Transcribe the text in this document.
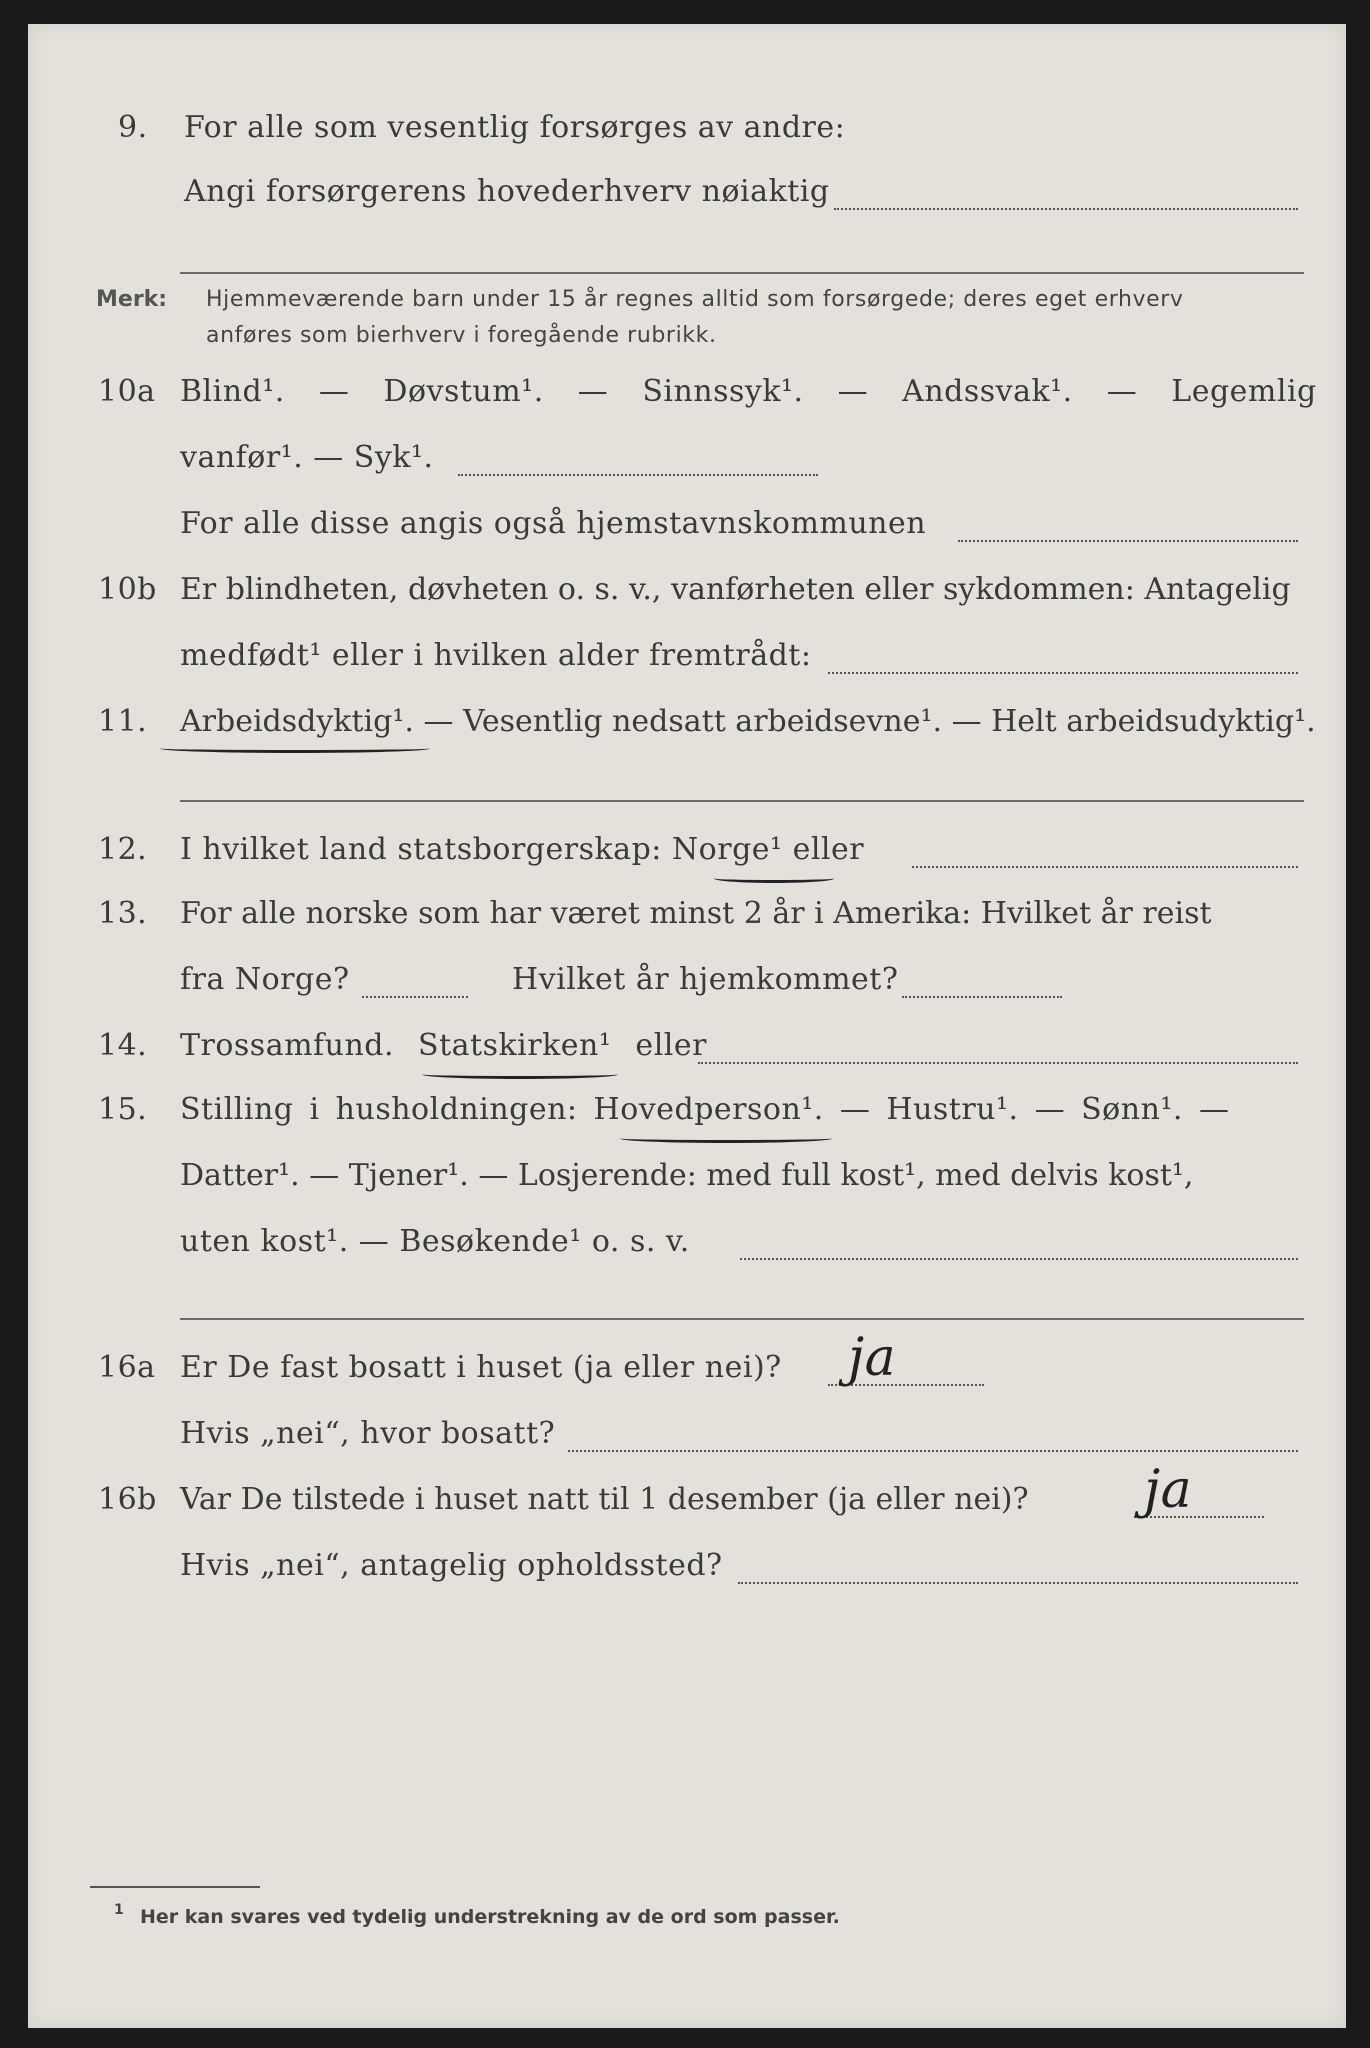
9. For alle som vesentlig forsørges av andre:
Angi forsørgerens hovederhverv nøiaktig
Merk: Hjemmeværende barn under 15 år regnes alltid som forsørgede; deres eget erhverv
anføres som bierhverv i foregående rubrikk.
10a Blind¹. — Døvstum¹. — Sinnssyk¹. — Andssvak¹. — Legemlig
vanfør¹. — Syk¹.
For alle disse angis også hjemstavnskommunen
10b Er blindheten, døvheten o. s. v., vanførheten eller sykdommen: Antagelig
medfødt¹ eller i hvilken alder fremtrådt:
11. Arbeidsdyktig¹. — Vesentlig nedsatt arbeidsevne¹. — Helt arbeidsudyktig¹.
12. I hvilket land statsborgerskap: Norge¹ eller
13. For alle norske som har været minst 2 år i Amerika: Hvilket år reist
fra Norge?	Hvilket år hjemkommet?
14. Trossamfund. Statskirken¹ eller
15. Stilling i husholdningen: Hovedperson¹. — Hustru¹. — Sønn¹. —
Datter¹. — Tjener¹. — Losjerende: med full kost¹, med delvis kost¹,
uten kost¹. — Besøkende¹ o. s. v.
16a Er De fast bosatt i huset (ja eller nei)? ja
Hvis „nei“, hvor bosatt?
16b Var De tilstede i huset natt til 1 desember (ja eller nei)? ja
Hvis „nei“, antagelig opholdssted?
1 Her kan svares ved tydelig understrekning av de ord som passer.
